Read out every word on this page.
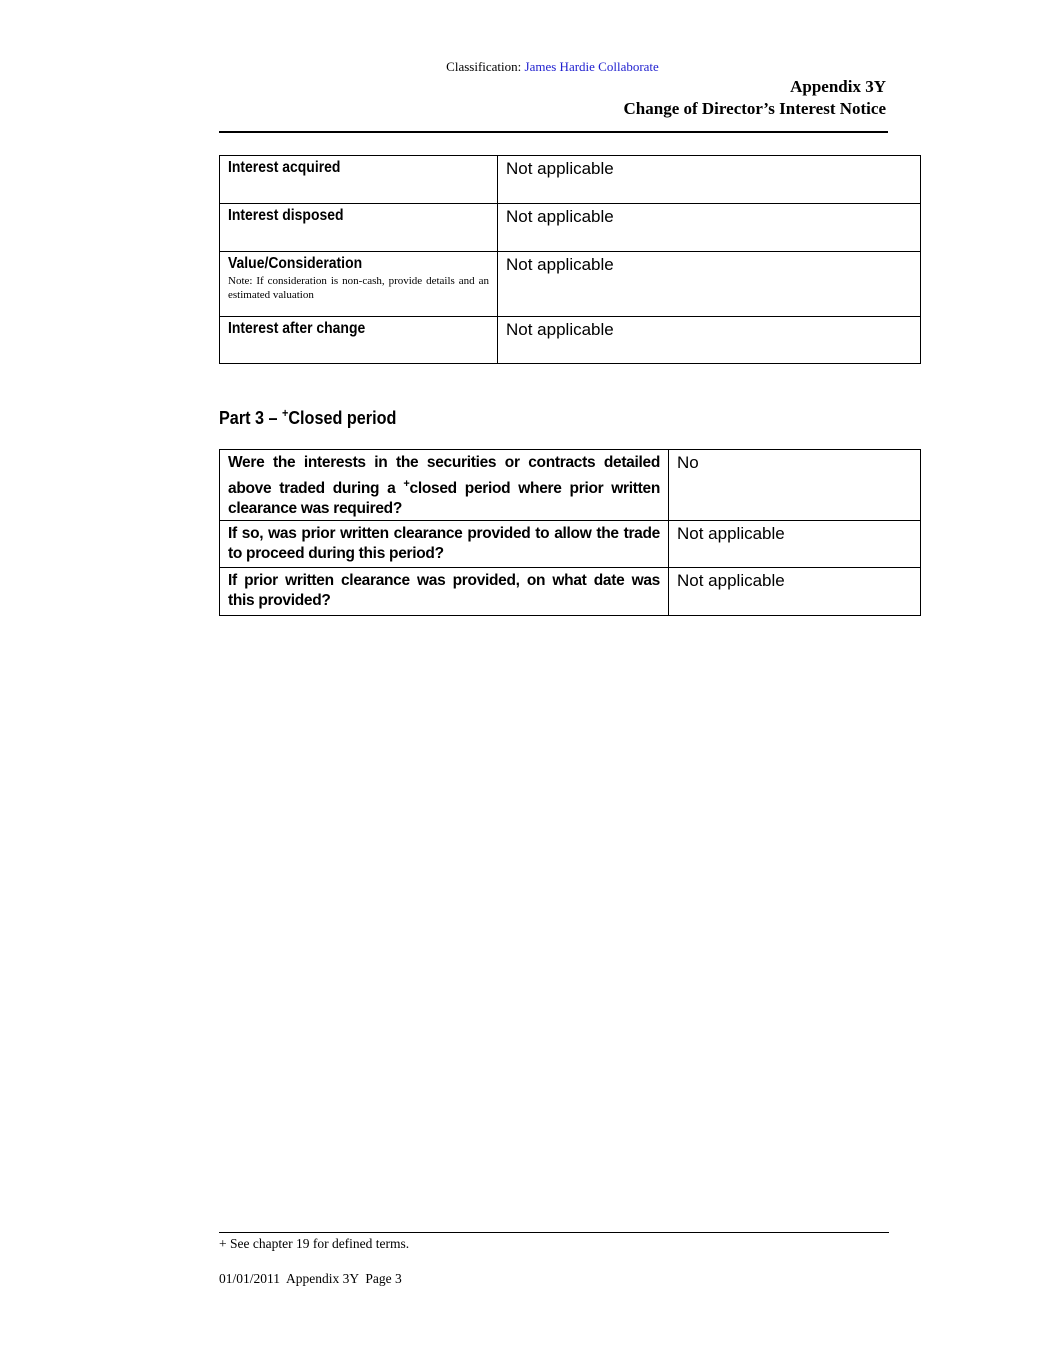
Classification: James Hardie Collaborate
Appendix 3Y
Change of Director’s Interest Notice
Interest acquired	Not applicable
Interest disposed	Not applicable
Value/Consideration
Note: If consideration is non-cash, provide details and an estimated valuation	Not applicable
Interest after change	Not applicable
Part 3 – +Closed period
Were the interests in the securities or contracts detailed above traded during a +closed period where prior written clearance was required?	No

If so, was prior written clearance provided to allow the trade to proceed during this period?	Not applicable

If prior written clearance was provided, on what date was this provided?	Not applicable
+ See chapter 19 for defined terms.
01/01/2011  Appendix 3Y  Page 3
